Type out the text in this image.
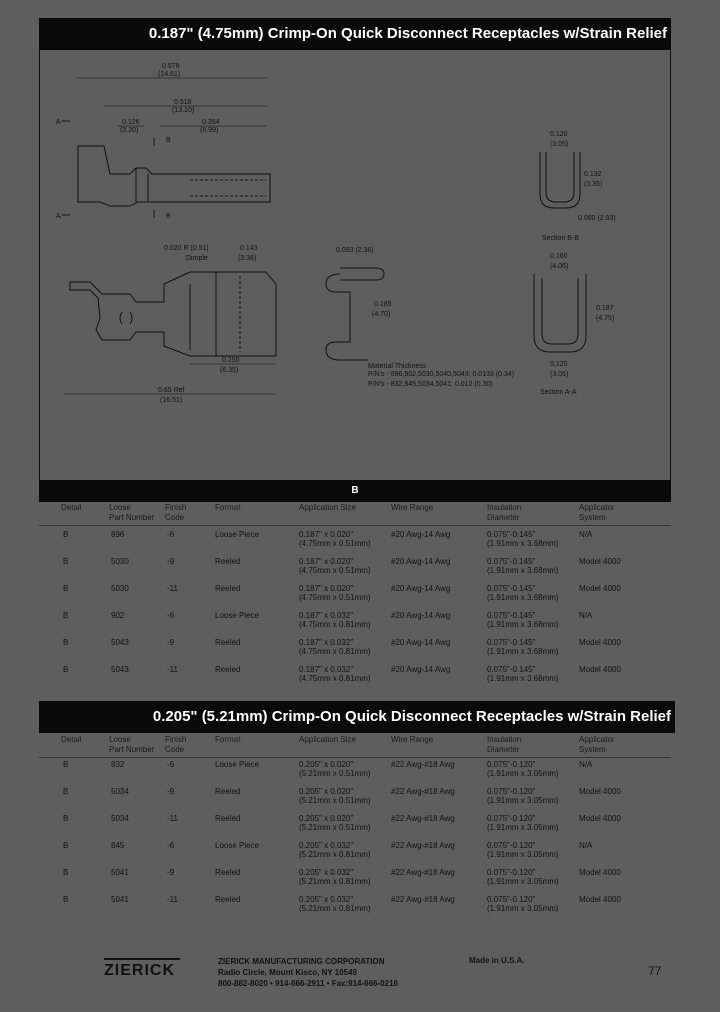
0.187" (4.75mm) Crimp-On Quick Disconnect Receptacles w/Strain Relief
0.578
(14.61)
0.516
(13.10)
0.126
(3.20)
0.354
(8.99)
A
A
B
B
0.020 R (0.51)
Dimple
0.143
(3.36)
0.250
(6.35)
0.65 Ref
(16.51)
0.093 (2.36)
0.185
(4.70)
Material Thickness
P/N's - 896,902,5030,5040,5043: 0.0133 (0.34)
P/N's - 832,845,5034,5041: 0.012 (0.30)
0.120
(3.05)
0.132
(3.35)
0.080 (2.03)
Section B-B
0.160
(4.06)
0.187
(4.75)
0.120
(3.05)
Section A-A
B
Detail	Loose	Finish	Format	Application Size	Wire Range	Insulation	Applicator
Part Number Code	Diameter	System
B	896	-6	Loose Piece	0.187" x 0.020"	#20 Awg-14 Awg	0.075"-0.145"	N/A
(4.75mm x 0.51mm)	(1.91mm x 3.68mm)
B	5030	-9	Reeled	0.187" x 0.020"	#20 Awg-14 Awg	0.075"-0.145"	Model 4000
(4.75mm x 0.51mm)	(1.91mm x 3.68mm)
B	5030	-11	Reeled	0.187" x 0.020"	#20 Awg-14 Awg	0.075"-0.145"	Model 4000
(4.75mm x 0.51mm)	(1.91mm x 3.68mm)
B	902	-6	Loose Piece	0.187" x 0.032"	#20 Awg-14 Awg	0.075"-0.145"	N/A
(4.75mm x 0.81mm)	(1.91mm x 3.68mm)
B	5043	-9	Reeled	0.187" x 0.032"	#20 Awg-14 Awg	0.075"-0.145"	Model 4000
(4.75mm x 0.81mm)	(1.91mm x 3.68mm)
B	5043	-11	Reeled	0.187" x 0.032"	#20 Awg-14 Awg	0.075"-0.145"	Model 4000
(4.75mm x 0.81mm)	(1.91mm x 3.68mm)
0.205" (5.21mm) Crimp-On Quick Disconnect Receptacles w/Strain Relief
Detail	Loose	Finish	Format	Application Size	Wire Range	Insulation	Applicator
Part Number Code	Diameter	System
B	832	-6	Loose Piece	0.205" x 0.020"	#22 Awg-#18 Awg	0.075"-0.120"	N/A
(5.21mm x 0.51mm)	(1.91mm x 3.05mm)
B	5034	-9	Reeled	0.205" x 0.020"	#22 Awg-#18 Awg	0.075"-0.120"	Model 4000
(5.21mm x 0.51mm)	(1.91mm x 3.05mm)
B	5034	-11	Reeled	0.205" x 0.020"	#22 Awg-#18 Awg	0.075"-0.120"	Model 4000
(5.21mm x 0.51mm)	(1.91mm x 3.05mm)
B	845	-6	Loose Piece	0.205" x 0.032"	#22 Awg-#18 Awg	0.075"-0.120"	N/A
(5.21mm x 0.81mm)	(1.91mm x 3.05mm)
B	5041	-9	Reeled	0.205" x 0.032"	#22 Awg-#18 Awg	0.075"-0.120"	Model 4000
(5.21mm x 0.81mm)	(1.91mm x 3.05mm)
B	5041	-11	Reeled	0.205" x 0.032"	#22 Awg-#18 Awg	0.075"-0.120"	Model 4000
(5.21mm x 0.81mm)	(1.91mm x 3.05mm)
ZIERICK
ZIERICK MANUFACTURING CORPORATION
Radio Circle, Mount Kisco, NY 10549
800-882-8020 • 914-666-2911 • Fax:914-666-0216
Made in U.S.A.
77
